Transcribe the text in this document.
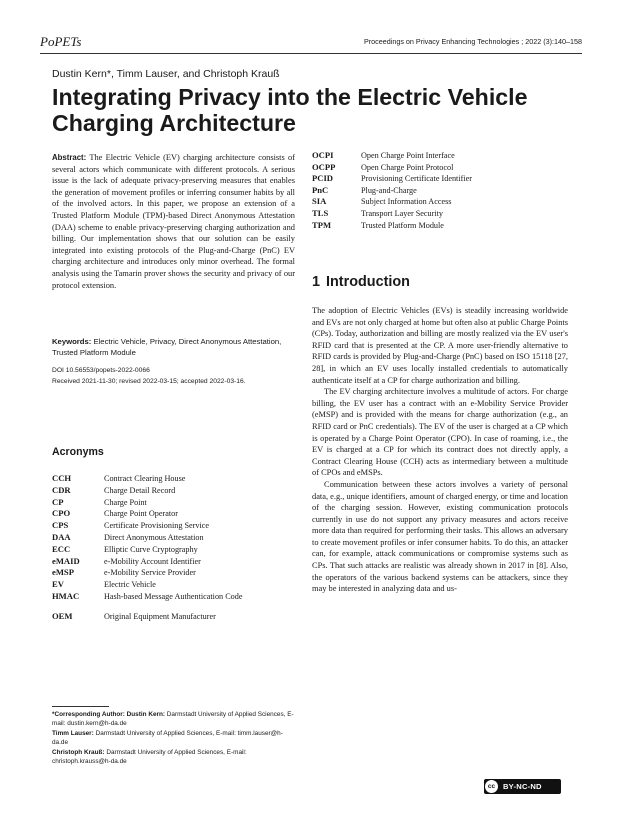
PoPETs	Proceedings on Privacy Enhancing Technologies ; 2022 (3):140–158
Dustin Kern*, Timm Lauser, and Christoph Krauß
Integrating Privacy into the Electric Vehicle Charging Architecture

Abstract: The Electric Vehicle (EV) charging architecture consists of several actors which communicate with different protocols. A serious issue is the lack of adequate privacy-preserving measures that enables the generation of movement profiles or inferring consumer habits by all of the involved actors. In this paper, we propose an extension of a Trusted Platform Module (TPM)-based Direct Anonymous Attestation (DAA) scheme to enable privacy-preserving charging authorization and billing. Our implementation shows that our solution can be easily integrated into existing protocols of the Plug-and-Charge (PnC) EV charging architecture and introduces only minor overhead. The formal analysis using the Tamarin prover shows the security and privacy of our protocol extension.

Keywords: Electric Vehicle, Privacy, Direct Anonymous Attestation, Trusted Platform Module

DOI 10.56553/popets-2022-0066
Received 2021-11-30; revised 2022-03-15; accepted 2022-03-16.
Acronyms
CCH	Contract Clearing House
CDR	Charge Detail Record
CP	Charge Point
CPO	Charge Point Operator
CPS	Certificate Provisioning Service
DAA	Direct Anonymous Attestation
ECC	Elliptic Curve Cryptography
eMAID	e-Mobility Account Identifier
eMSP	e-Mobility Service Provider
EV	Electric Vehicle
HMAC	Hash-based Message Authentication Code
OEM	Original Equipment Manufacturer
*Corresponding Author: Dustin Kern: Darmstadt University of Applied Sciences, E-mail: dustin.kern@h-da.de
Timm Lauser: Darmstadt University of Applied Sciences, E-mail: timm.lauser@h-da.de
Christoph Krauß: Darmstadt University of Applied Sciences, E-mail: christoph.krauss@h-da.de
OCPI	Open Charge Point Interface
OCPP	Open Charge Point Protocol
PCID	Provisioning Certificate Identifier
PnC	Plug-and-Charge
SIA	Subject Information Access
TLS	Transport Layer Security
TPM	Trusted Platform Module
1 Introduction

The adoption of Electric Vehicles (EVs) is steadily increasing worldwide and EVs are not only charged at home but often also at public Charge Points (CPs). Today, authorization and billing are mostly realized via the EV user's RFID card that is presented at the CP. A more user-friendly alternative to RFID cards is provided by Plug-and-Charge (PnC) based on ISO 15118 [27, 28], in which an EV uses locally installed credentials to automatically authenticate itself at a CP for charge authorization and billing.

The EV charging architecture involves a multitude of actors. For charge billing, the EV user has a contract with an e-Mobility Service Provider (eMSP) and is provided with the means for charge authorization (e.g., an RFID card or PnC credentials). The EV of the user is charged at a CP which is operated by a Charge Point Operator (CPO). In case of roaming, i.e., the EV is charged at a CP for which its contract does not directly apply, a Contract Clearing House (CCH) acts as intermediary between a multitude of CPOs and eMSPs.

Communication between these actors involves a variety of personal data, e.g., unique identifiers, amount of charged energy, or time and location of the charging session. However, existing communication protocols currently in use do not support any privacy measures and actors receive more data than required for performing their tasks. This allows an adversary to create movement profiles or infer consumer habits. To do this, an attacker can, for example, attack communications or compromise systems such as CPs. That such attacks are realistic was already shown in 2017 in [8]. Also, the operators of the various backend systems can be attackers, since they may be interested in analyzing data and us-

cc	BY-NC-ND
